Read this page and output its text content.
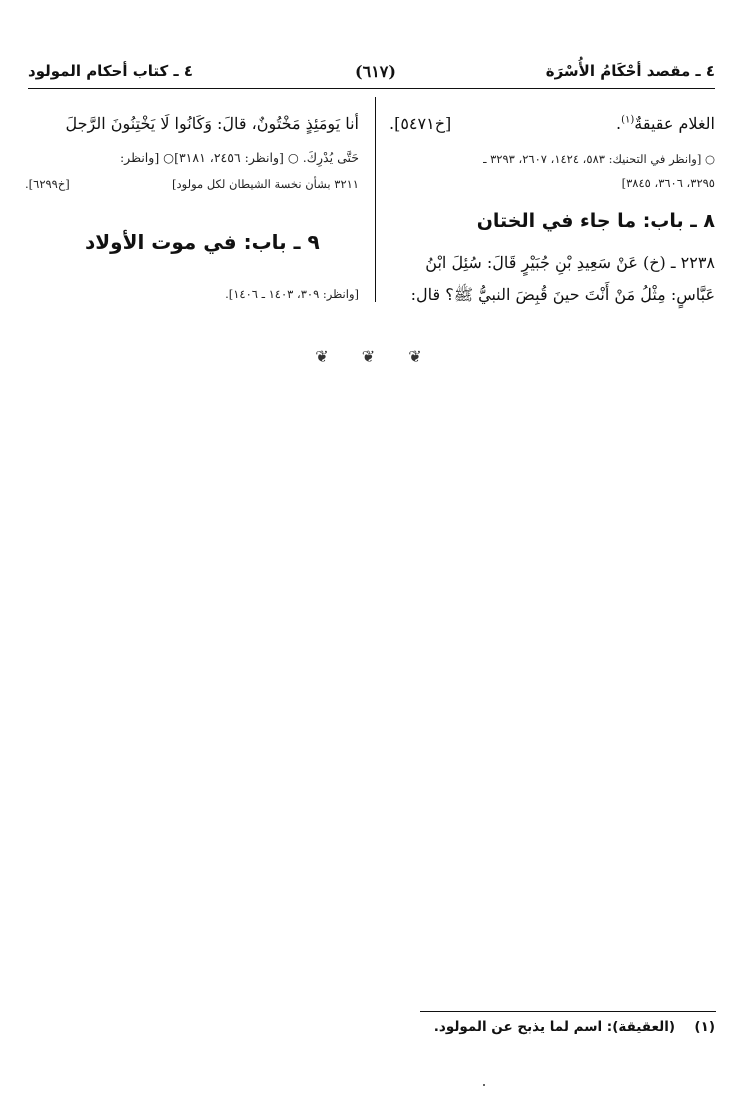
٤ ـ مقصد أحْكَامُ الأُسْرَة
(٦١٧)
٤ ـ كتاب أحكام المولود
الغلام عقيقةٌ$^{(١)}$.
[خ٥٤٧١].
○ [وانظر في التحنيك: ٥٨٣، ١٤٢٤، ٢٦٠٧، ٣٢٩٣ ـ
٣٢٩٥، ٣٦٠٦، ٣٨٤٥]
٨ ـ باب: ما جاء في الختان
٢٢٣٨ ـ (خ) عَنْ سَعِيدِ بْنِ جُبَيْرٍ قَالَ: سُئِلَ ابْنُ
عَبَّاسٍ: مِثْلُ مَنْ أَنْتَ حينَ قُبِضَ النبيُّ ﷺ؟ قال:
أنا يَومَئِذٍ مَخْتُونٌ، قالَ: وَكَانُوا لَا يَخْتِنُونَ الرَّجلَ
حَتَّى يُدْرِكَ. ○ [وانظر: ٢٤٥٦، ٣١٨١]○ [وانظر:
٣٢١١ بشأن نخسة الشيطان لكل مولود]
[خ٦٢٩٩].
٩ ـ باب: في موت الأولاد
[وانظر: ٣٠٩، ١٤٠٣ ـ ١٤٠٦].
❦ ❦ ❦
(١)  (العقيقة): اسم لما يذبح عن المولود.
